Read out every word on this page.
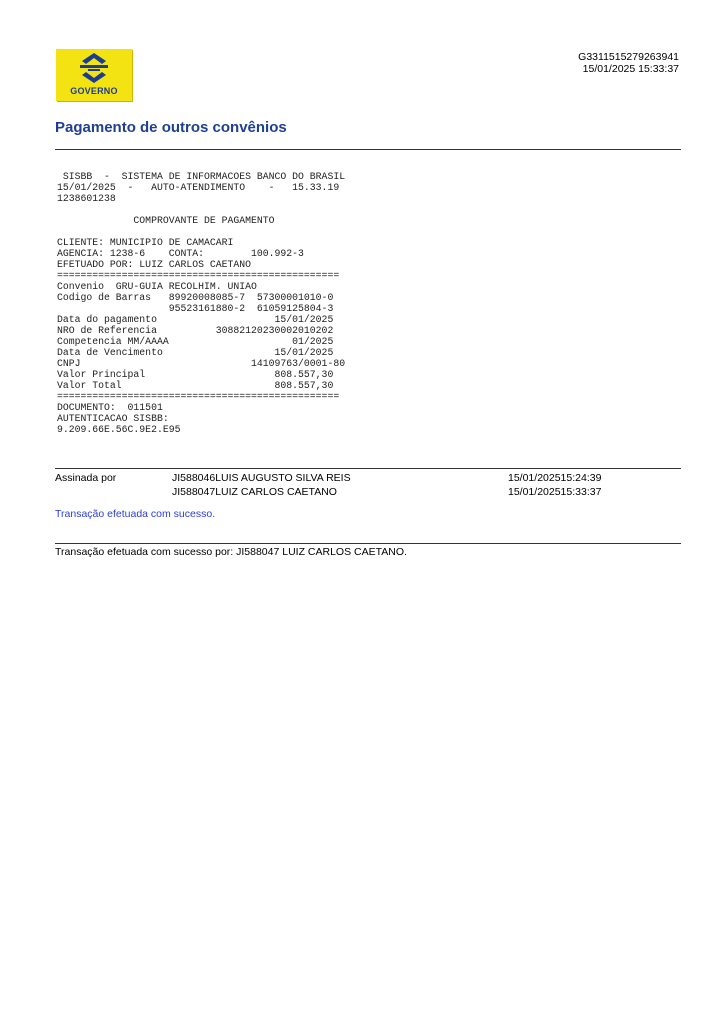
G3311515279263941
15/01/2025 15:33:37
GOVERNO
Pagamento de outros convênios
SISBB  -  SISTEMA DE INFORMACOES BANCO DO BRASIL
15/01/2025  -   AUTO-ATENDIMENTO    -   15.33.19
1238601238

COMPROVANTE DE PAGAMENTO

CLIENTE: MUNICIPIO DE CAMACARI
AGENCIA: 1238-6    CONTA:        100.992-3
EFETUADO POR: LUIZ CARLOS CAETANO
================================================
Convenio  GRU-GUIA RECOLHIM. UNIAO
Codigo de Barras   89920008085-7  57300001010-0
95523161880-2  61059125804-3
Data do pagamento                    15/01/2025
NRO de Referencia          30882120230002010202
Competencia MM/AAAA                     01/2025
Data de Vencimento                   15/01/2025
CNPJ                             14109763/0001-80
Valor Principal                      808.557,30
Valor Total                          808.557,30
================================================
DOCUMENTO:  011501
AUTENTICACAO SISBB:
9.209.66E.56C.9E2.E95

Assinada por	JI588046LUIS AUGUSTO SILVA REIS	15/01/202515:24:39
JI588047LUIZ CARLOS CAETANO	15/01/202515:33:37
Transação efetuada com sucesso.
Transação efetuada com sucesso por: JI588047 LUIZ CARLOS CAETANO.
